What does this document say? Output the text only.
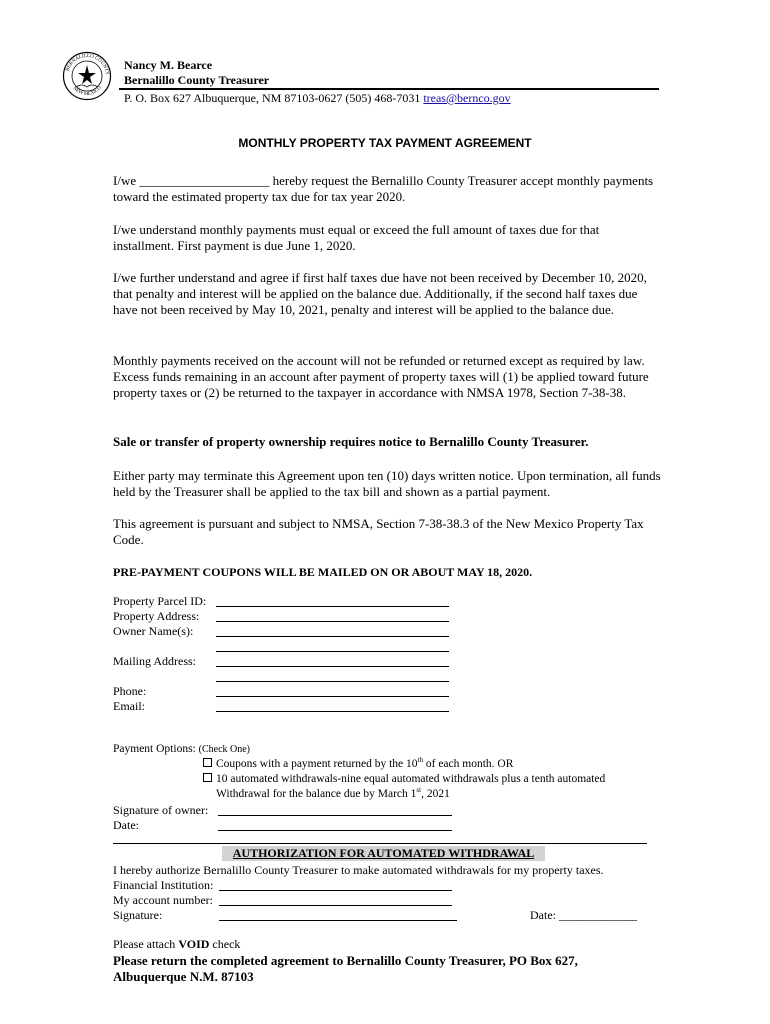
BERNALILLO COUNTY
NEW MEXICO
Nancy M. Bearce
Bernalillo County Treasurer
P. O. Box 627 Albuquerque, NM 87103-0627 (505) 468-7031 treas@bernco.gov
MONTHLY PROPERTY TAX PAYMENT AGREEMENT
I/we ____________________ hereby request the Bernalillo County Treasurer accept monthly payments toward the estimated property tax due for tax year 2020.
I/we understand monthly payments must equal or exceed the full amount of taxes due for that installment. First payment is due June 1, 2020.
I/we further understand and agree if first half taxes due have not been received by December 10, 2020, that penalty and interest will be applied on the balance due. Additionally, if the second half taxes due have not been received by May 10, 2021, penalty and interest will be applied to the balance due.
Monthly payments received on the account will not be refunded or returned except as required by law. Excess funds remaining in an account after payment of property taxes will (1) be applied toward future property taxes or (2) be returned to the taxpayer in accordance with NMSA 1978, Section 7-38-38.
Sale or transfer of property ownership requires notice to Bernalillo County Treasurer.
Either party may terminate this Agreement upon ten (10) days written notice. Upon termination, all funds held by the Treasurer shall be applied to the tax bill and shown as a partial payment.
This agreement is pursuant and subject to NMSA, Section 7-38-38.3 of the New Mexico Property Tax Code.
PRE-PAYMENT COUPONS WILL BE MAILED ON OR ABOUT MAY 18, 2020.
Property Parcel ID:
Property Address:
Owner Name(s):
Mailing Address:
Phone:
Email:
Payment Options: (Check One)
Coupons with a payment returned by the 10th of each month. OR
10 automated withdrawals-nine equal automated withdrawals plus a tenth automated
Withdrawal for the balance due by March 1st, 2021
Signature of owner:
Date:
AUTHORIZATION FOR AUTOMATED WITHDRAWAL
I hereby authorize Bernalillo County Treasurer to make automated withdrawals for my property taxes.
Financial Institution:
My account number:
Signature:	Date: _____________
Please attach VOID check
Please return the completed agreement to Bernalillo County Treasurer, PO Box 627,
Albuquerque N.M. 87103
